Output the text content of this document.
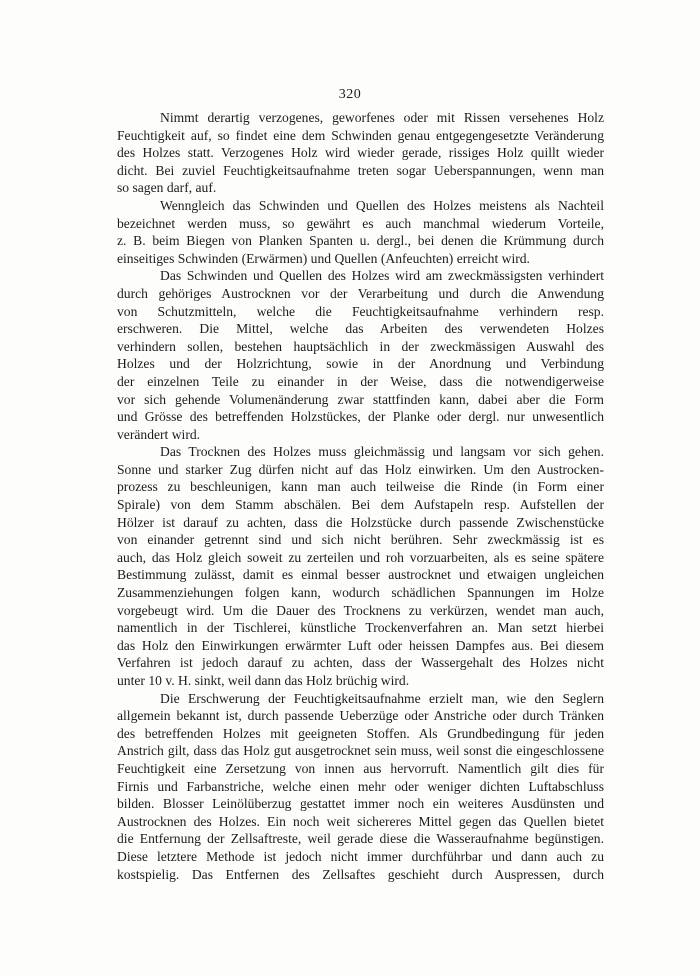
320
Nimmt derartig verzogenes, geworfenes oder mit Rissen versehenes Holz
Feuchtigkeit auf, so findet eine dem Schwinden genau entgegengesetzte Veränderung
des Holzes statt. Verzogenes Holz wird wieder gerade, rissiges Holz quillt wieder
dicht. Bei zuviel Feuchtigkeitsaufnahme treten sogar Ueberspannungen, wenn man
so sagen darf, auf.
Wenngleich das Schwinden und Quellen des Holzes meistens als Nachteil
bezeichnet werden muss, so gewährt es auch manchmal wiederum Vorteile,
z. B. beim Biegen von Planken Spanten u. dergl., bei denen die Krümmung durch
einseitiges Schwinden (Erwärmen) und Quellen (Anfeuchten) erreicht wird.
Das Schwinden und Quellen des Holzes wird am zweckmässigsten verhindert
durch gehöriges Austrocknen vor der Verarbeitung und durch die Anwendung
von Schutzmitteln, welche die Feuchtigkeitsaufnahme verhindern resp.
erschweren. Die Mittel, welche das Arbeiten des verwendeten Holzes
verhindern sollen, bestehen hauptsächlich in der zweckmässigen Auswahl des
Holzes und der Holzrichtung, sowie in der Anordnung und Verbindung
der einzelnen Teile zu einander in der Weise, dass die notwendigerweise
vor sich gehende Volumenänderung zwar stattfinden kann, dabei aber die Form
und Grösse des betreffenden Holzstückes, der Planke oder dergl. nur unwesentlich
verändert wird.
Das Trocknen des Holzes muss gleichmässig und langsam vor sich gehen.
Sonne und starker Zug dürfen nicht auf das Holz einwirken. Um den Austrocken-
prozess zu beschleunigen, kann man auch teilweise die Rinde (in Form einer
Spirale) von dem Stamm abschälen. Bei dem Aufstapeln resp. Aufstellen der
Hölzer ist darauf zu achten, dass die Holzstücke durch passende Zwischenstücke
von einander getrennt sind und sich nicht berühren. Sehr zweckmässig ist es
auch, das Holz gleich soweit zu zerteilen und roh vorzuarbeiten, als es seine spätere
Bestimmung zulässt, damit es einmal besser austrocknet und etwaigen ungleichen
Zusammenziehungen folgen kann, wodurch schädlichen Spannungen im Holze
vorgebeugt wird. Um die Dauer des Trocknens zu verkürzen, wendet man auch,
namentlich in der Tischlerei, künstliche Trockenverfahren an. Man setzt hierbei
das Holz den Einwirkungen erwärmter Luft oder heissen Dampfes aus. Bei diesem
Verfahren ist jedoch darauf zu achten, dass der Wassergehalt des Holzes nicht
unter 10 v. H. sinkt, weil dann das Holz brüchig wird.
Die Erschwerung der Feuchtigkeitsaufnahme erzielt man, wie den Seglern
allgemein bekannt ist, durch passende Ueberzüge oder Anstriche oder durch Tränken
des betreffenden Holzes mit geeigneten Stoffen. Als Grundbedingung für jeden
Anstrich gilt, dass das Holz gut ausgetrocknet sein muss, weil sonst die eingeschlossene
Feuchtigkeit eine Zersetzung von innen aus hervorruft. Namentlich gilt dies für
Firnis und Farbanstriche, welche einen mehr oder weniger dichten Luftabschluss
bilden. Blosser Leinölüberzug gestattet immer noch ein weiteres Ausdünsten und
Austrocknen des Holzes. Ein noch weit sichereres Mittel gegen das Quellen bietet
die Entfernung der Zellsaftreste, weil gerade diese die Wasseraufnahme begünstigen.
Diese letztere Methode ist jedoch nicht immer durchführbar und dann auch zu
kostspielig. Das Entfernen des Zellsaftes geschieht durch Auspressen, durch
